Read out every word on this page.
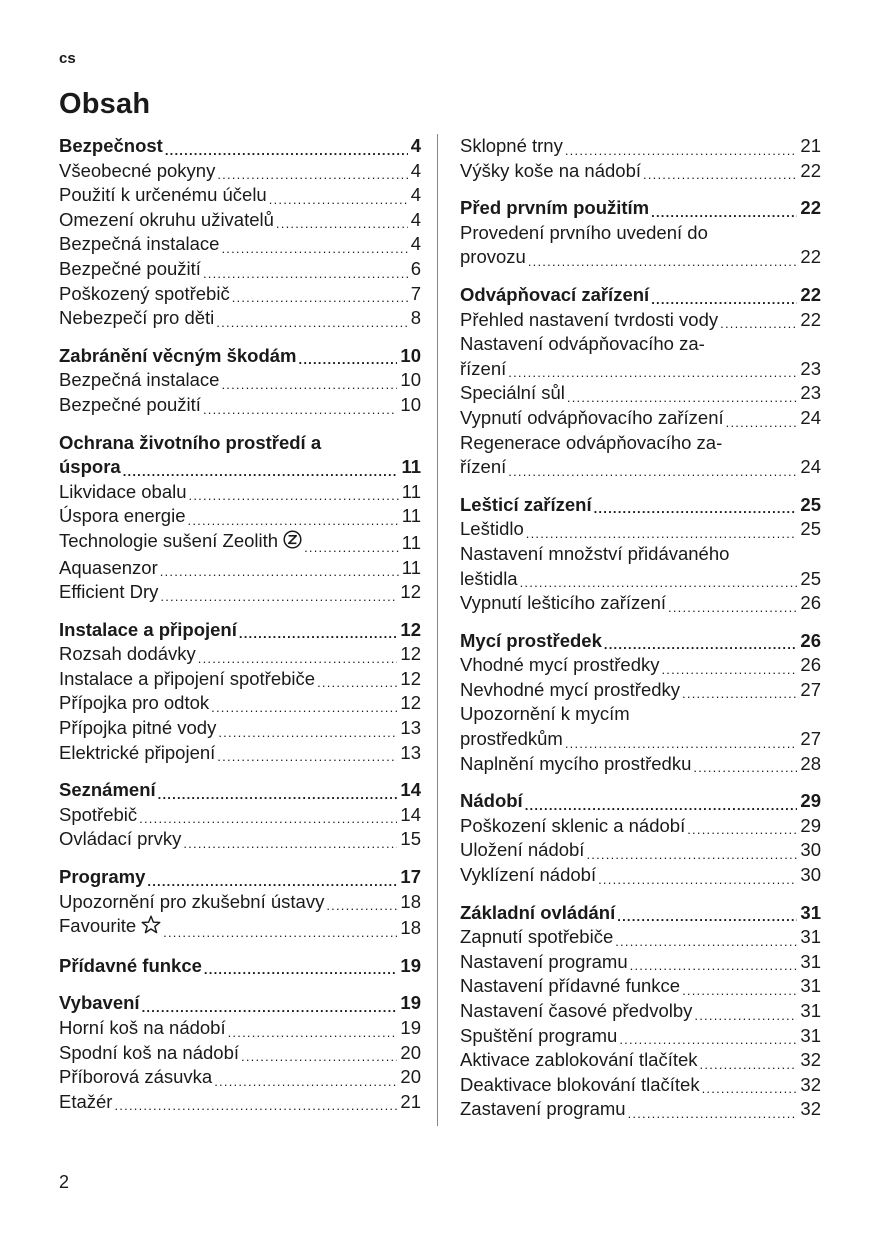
cs
Obsah
Bezpečnost . . .	4
Všeobecné pokyny . . .	4
Použití k určenému účelu . . .	4
Omezení okruhu uživatelů . . .	4
Bezpečná instalace . . .	4
Bezpečné použití . . .	6
Poškozený spotřebič . . .	7
Nebezpečí pro děti . . .	8
Zabránění věcným škodám . . .	10
Bezpečná instalace . . .	10
Bezpečné použití . . .	10
Ochrana životního prostředí a
úspora . . .	11
Likvidace obalu . . .	11
Úspora energie . . .	11
Technologie sušení Zeolith . . .	11
Aquasenzor . . .	11
Efficient Dry . . .	12
Instalace a připojení . . .	12
Rozsah dodávky . . .	12
Instalace a připojení spotřebiče . . .	12
Přípojka pro odtok . . .	12
Přípojka pitné vody . . .	13
Elektrické připojení . . .	13
Seznámení . . .	14
Spotřebič . . .	14
Ovládací prvky . . .	15
Programy . . .	17
Upozornění pro zkušební ústavy . . .	18
Favourite . . .	18
Přídavné funkce . . .	19
Vybavení . . .	19
Horní koš na nádobí . . .	19
Spodní koš na nádobí . . .	20
Příborová zásuvka . . .	20
Etažér . . .	21
Sklopné trny . . .	21
Výšky koše na nádobí . . .	22
Před prvním použitím . . .	22
Provedení prvního uvedení do
provozu . . .	22
Odvápňovací zařízení . . .	22
Přehled nastavení tvrdosti vody . . .	22
Nastavení odvápňovacího za-
řízení . . .	23
Speciální sůl . . .	23
Vypnutí odvápňovacího zařízení . . .	24
Regenerace odvápňovacího za-
řízení . . .	24
Lešticí zařízení . . .	25
Leštidlo . . .	25
Nastavení množství přidávaného
leštidla . . .	25
Vypnutí lešticího zařízení . . .	26
Mycí prostředek . . .	26
Vhodné mycí prostředky . . .	26
Nevhodné mycí prostředky . . .	27
Upozornění k mycím
prostředkům . . .	27
Naplnění mycího prostředku . . .	28
Nádobí . . .	29
Poškození sklenic a nádobí . . .	29
Uložení nádobí . . .	30
Vyklízení nádobí . . .	30
Základní ovládání . . .	31
Zapnutí spotřebiče . . .	31
Nastavení programu . . .	31
Nastavení přídavné funkce . . .	31
Nastavení časové předvolby . . .	31
Spuštění programu . . .	31
Aktivace zablokování tlačítek . . .	32
Deaktivace blokování tlačítek . . .	32
Zastavení programu . . .	32
2
